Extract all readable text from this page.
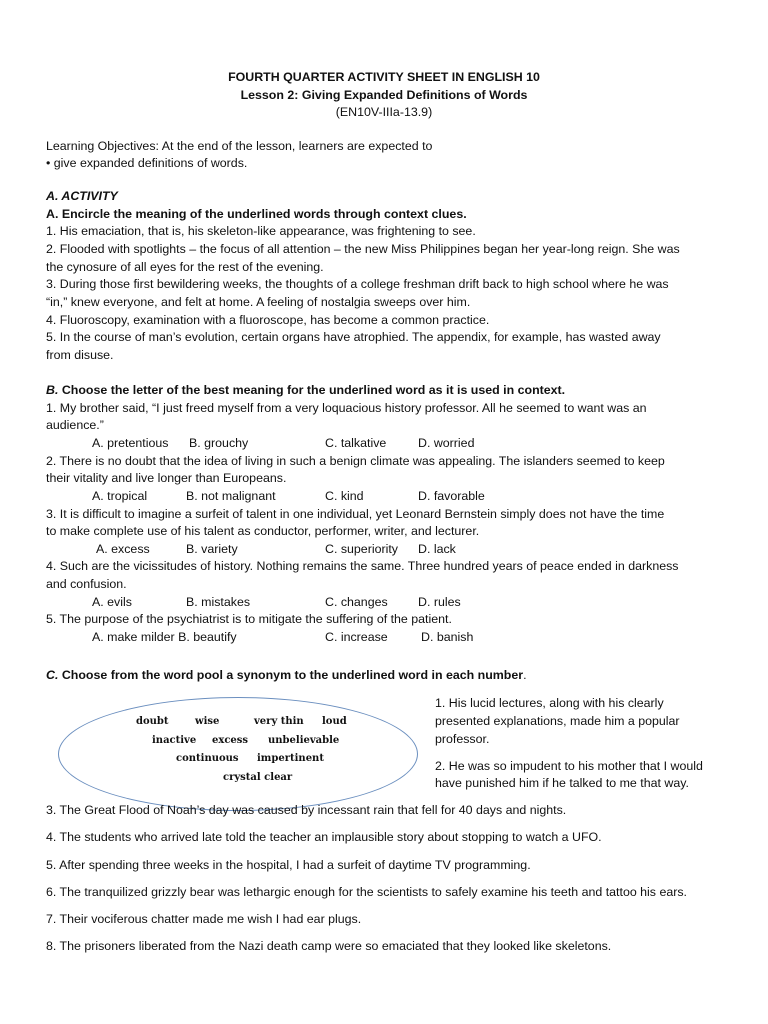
FOURTH QUARTER ACTIVITY SHEET IN ENGLISH 10
Lesson 2: Giving Expanded Definitions of Words
(EN10V-IIIa-13.9)
Learning Objectives: At the end of the lesson, learners are expected to
• give expanded definitions of words.
A. ACTIVITY
A. Encircle the meaning of the underlined words through context clues.
1. His emaciation, that is, his skeleton-like appearance, was frightening to see.
2. Flooded with spotlights – the focus of all attention – the new Miss Philippines began her year-long reign. She was
the cynosure of all eyes for the rest of the evening.
3. During those first bewildering weeks, the thoughts of a college freshman drift back to high school where he was
“in,” knew everyone, and felt at home. A feeling of nostalgia sweeps over him.
4. Fluoroscopy, examination with a fluoroscope, has become a common practice.
5. In the course of man’s evolution, certain organs have atrophied. The appendix, for example, has wasted away
from disuse.
B. Choose the letter of the best meaning for the underlined word as it is used in context.
1. My brother said, “I just freed myself from a very loquacious history professor. All he seemed to want was an
audience.”
A. pretentious B. grouchy	C. talkative	D. worried
2. There is no doubt that the idea of living in such a benign climate was appealing. The islanders seemed to keep
their vitality and live longer than Europeans.
A. tropical	B. not malignant	C. kind	D. favorable
3. It is difficult to imagine a surfeit of talent in one individual, yet Leonard Bernstein simply does not have the time
to make complete use of his talent as conductor, performer, writer, and lecturer.
A. excess	B. variety	C. superiority D. lack
4. Such are the vicissitudes of history. Nothing remains the same. Three hundred years of peace ended in darkness
and confusion.
A. evils	B. mistakes	C. changes D. rules
5. The purpose of the psychiatrist is to mitigate the suffering of the patient.
A. make milder B. beautify	C. increase	D. banish
C. Choose from the word pool a synonym to the underlined word in each number.
doubt	wise	very thin loud
inactive excess unbelievable
continuous impertinent
crystal clear
1. His lucid lectures, along with his clearly
presented explanations, made him a popular
professor.
2. He was so impudent to his mother that I would
have punished him if he talked to me that way.
3. The Great Flood of Noah’s day was caused by incessant rain that fell for 40 days and nights.
4. The students who arrived late told the teacher an implausible story about stopping to watch a UFO.
5. After spending three weeks in the hospital, I had a surfeit of daytime TV programming.
6. The tranquilized grizzly bear was lethargic enough for the scientists to safely examine his teeth and tattoo his ears.
7. Their vociferous chatter made me wish I had ear plugs.
8. The prisoners liberated from the Nazi death camp were so emaciated that they looked like skeletons.
